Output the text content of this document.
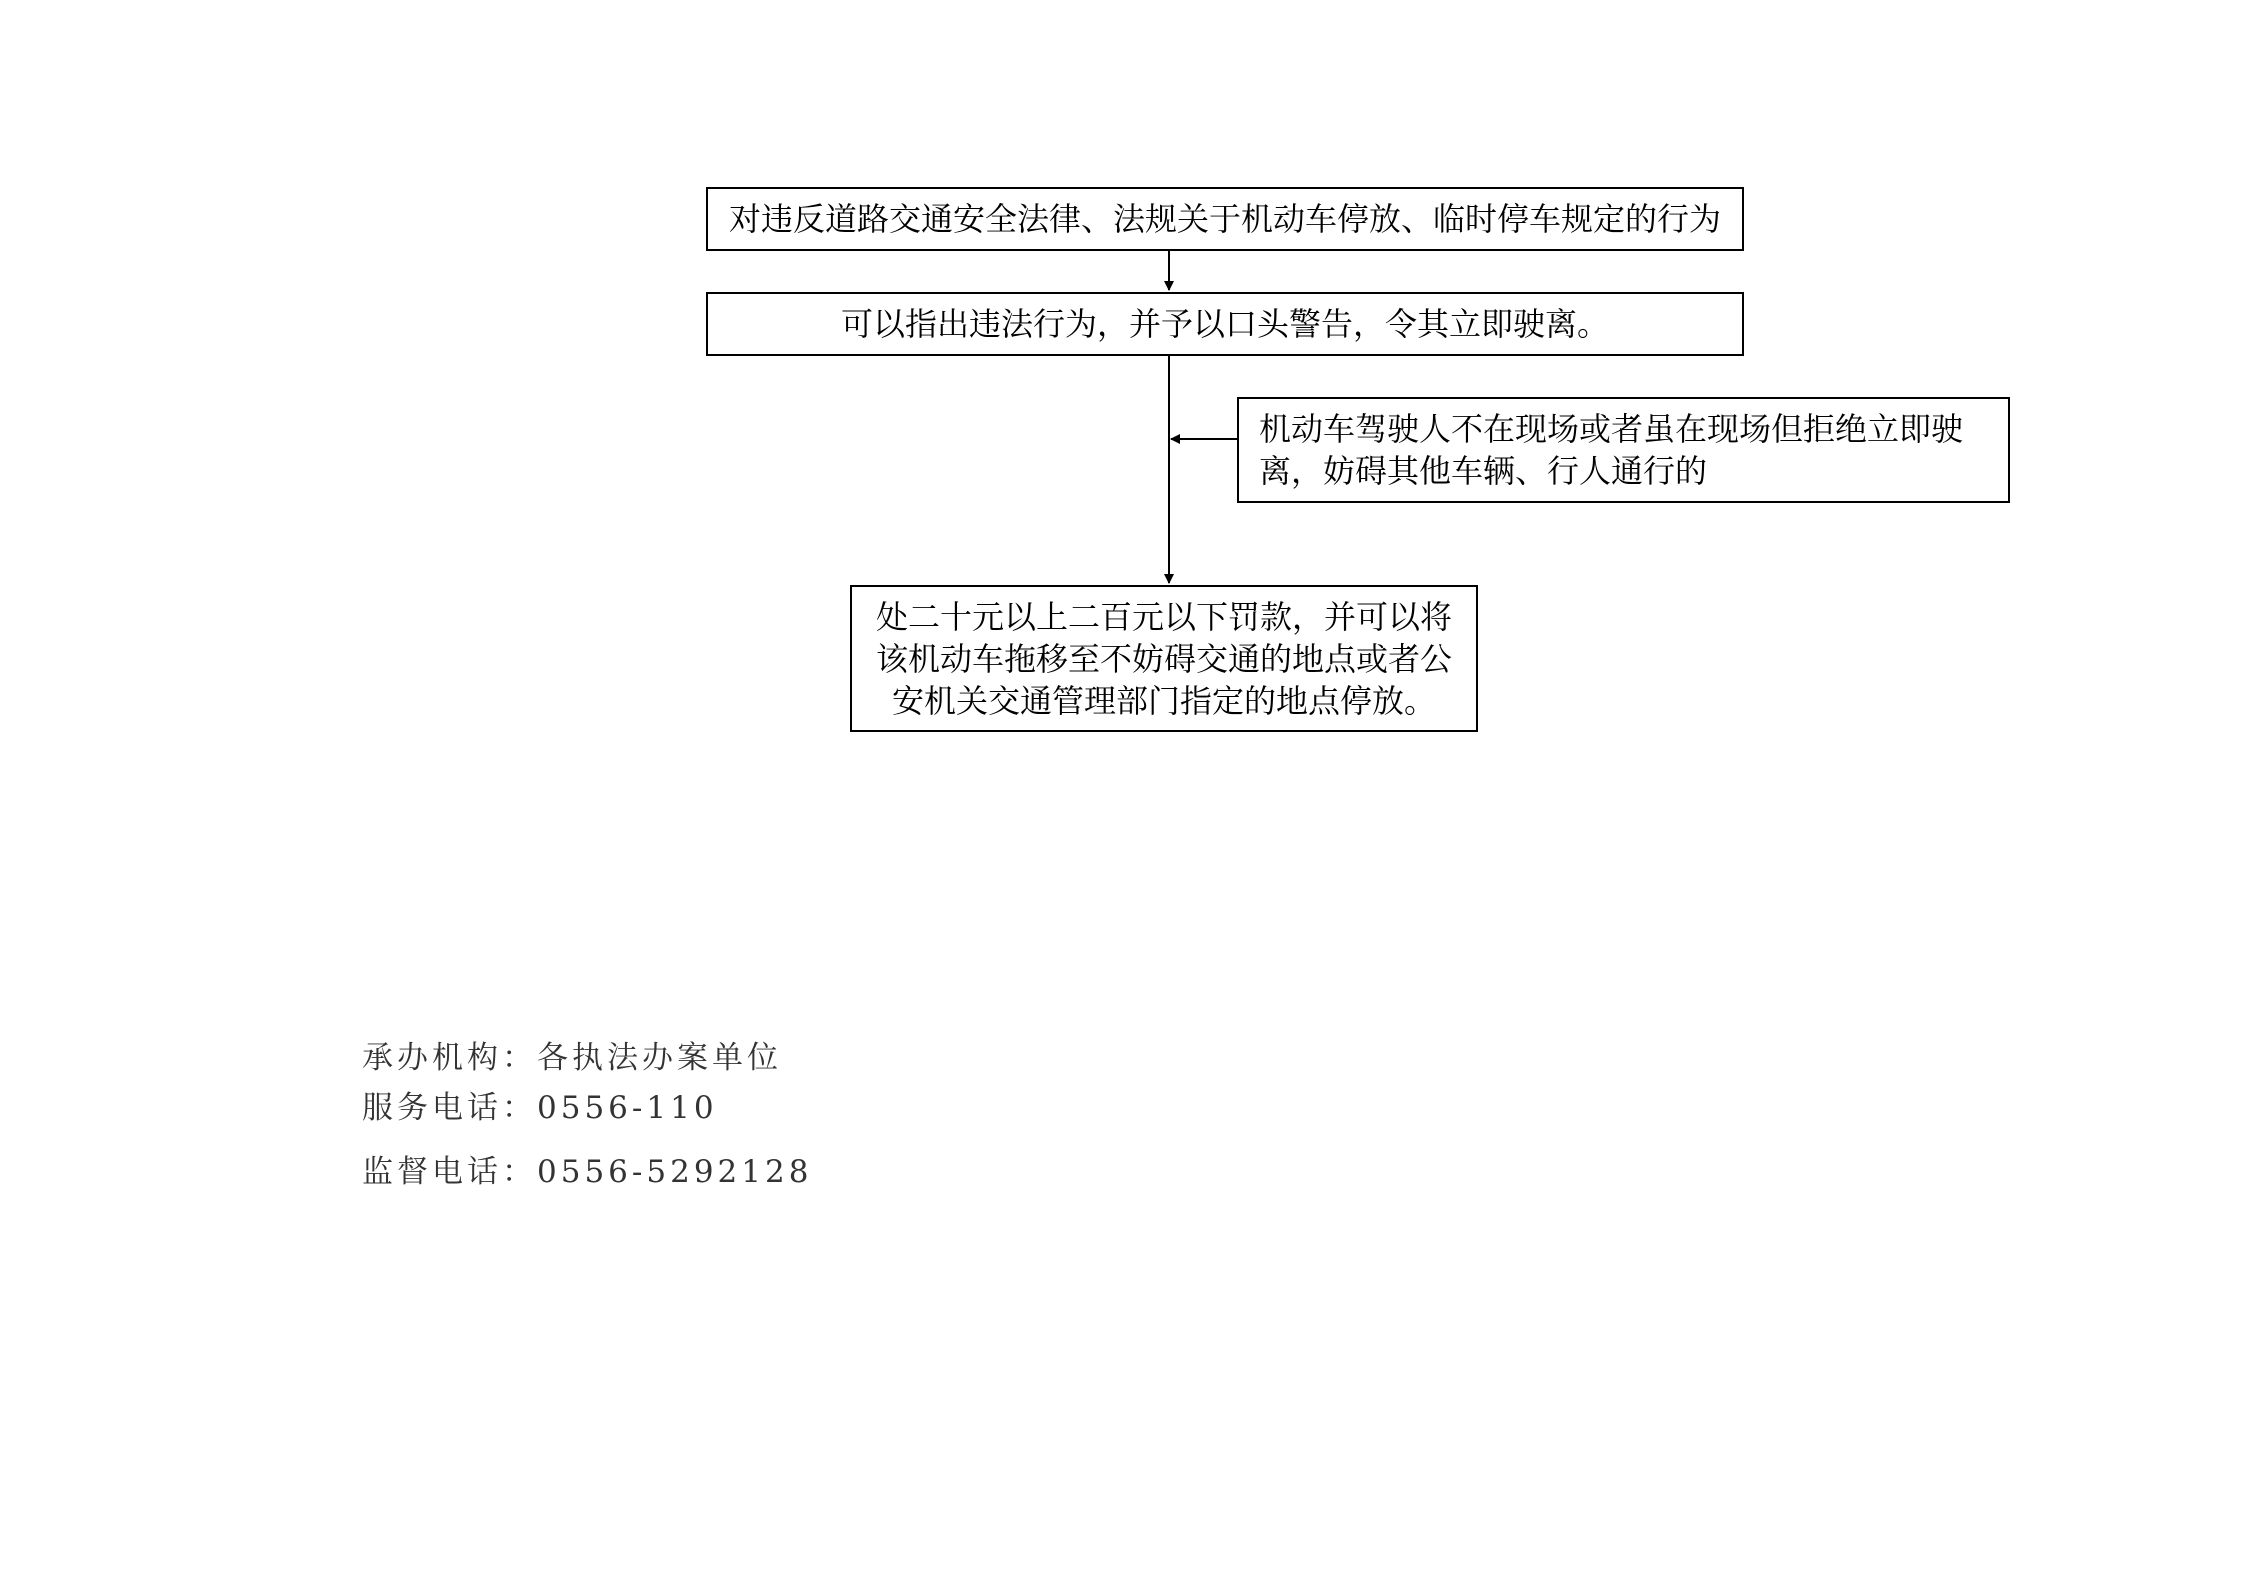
对违反道路交通安全法律、法规关于机动车停放、临时停车规定的行为
可以指出违法行为，并予以口头警告，令其立即驶离。
机动车驾驶人不在现场或者虽在现场但拒绝立即驶离，妨碍其他车辆、行人通行的
处二十元以上二百元以下罚款，并可以将该机动车拖移至不妨碍交通的地点或者公安机关交通管理部门指定的地点停放。
承办机构：各执法办案单位
服务电话：0556-110
监督电话：0556-5292128
